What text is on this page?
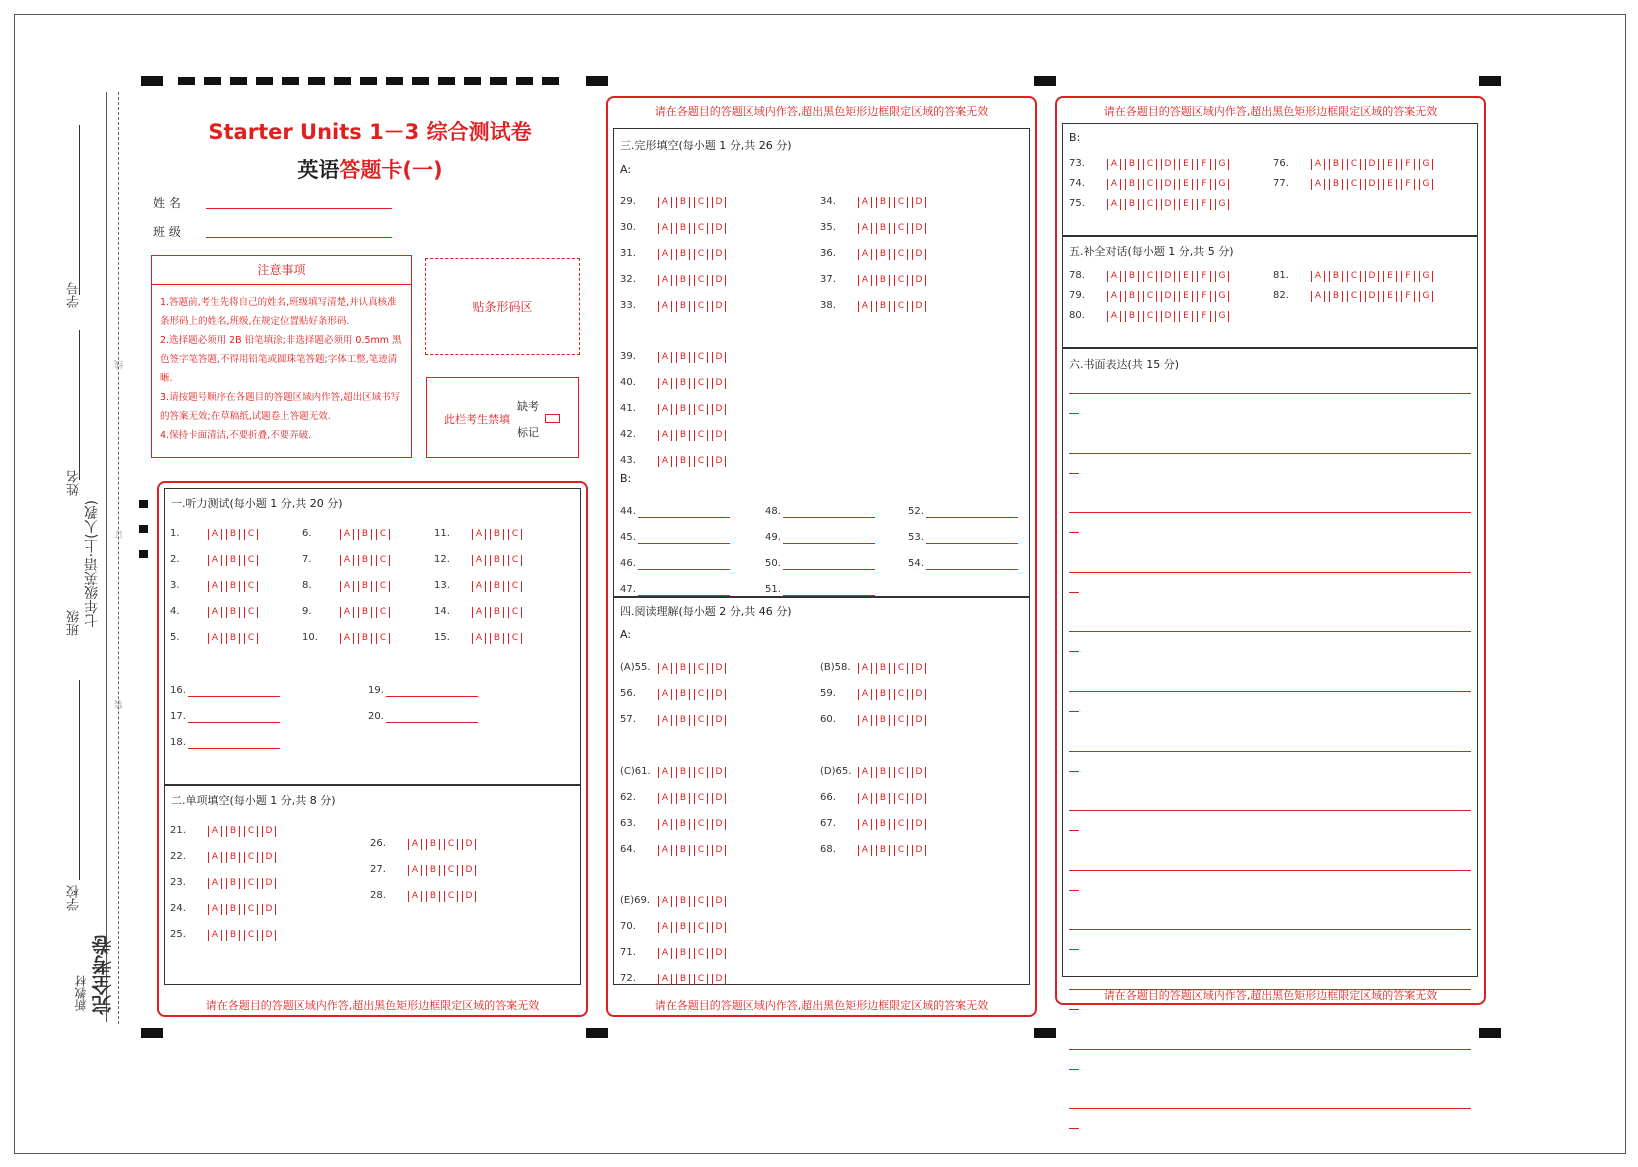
学号
姓名
班级 七年级英语·上(人教)
学校
线
订
装
新教材 完全考卷
Starter Units 1－3 综合测试卷
英语答题卡(一)
姓 名
班 级
注意事项
1.答题前,考生先将自己的姓名,班级填写清楚,并认真核准条形码上的姓名,班级,在规定位置贴好条形码.
2.选择题必须用 2B 铅笔填涂;非选择题必须用 0.5mm 黑色签字笔答题,不得用铅笔或圆珠笔答题;字体工整,笔迹清晰.
3.请按题号顺序在各题目的答题区域内作答,超出区域书写的答案无效;在草稿纸,试题卷上答题无效.
4.保持卡面清洁,不要折叠,不要弄破.
贴条形码区
此栏考生禁填
缺考
标记
请在各题目的答题区域内作答,超出黑色矩形边框限定区域的答案无效
一.听力测试(每小题 1 分,共 20 分)
1.	A B C	6.	A B C	11.	A B C
2.	A B C	7.	A B C	12.	A B C
3.	A B C	8.	A B C	13.	A B C
4.	A B C	9.	A B C	14.	A B C
5.	A B C	10.	A B C	15.	A B C
16.
17.
18.
19.
20.
二.单项填空(每小题 1 分,共 8 分)
21.	A B C D
22.	A B C D
23.	A B C D
24.	A B C D
25.	A B C D
26.	A B C D
27.	A B C D
28.	A B C D
请在各题目的答题区域内作答,超出黑色矩形边框限定区域的答案无效
请在各题目的答题区域内作答,超出黑色矩形边框限定区域的答案无效
三.完形填空(每小题 1 分,共 26 分)
A:
B:
四.阅读理解(每小题 2 分,共 46 分)
A:
29.	A B C D	34.	A B C D
39.	A B C D
30.	A B C D	35.	A B C D
40.	A B C D
31.	A B C D	36.	A B C D
41.	A B C D
32.	A B C D	37.	A B C D
42.	A B C D
33.	A B C D	38.	A B C D
43.	A B C D
44.	48.	52.
45.	49.	53.
46.	50.	54.
47.	51.
(A)55. A B C D
56.	A B C D
57.	A B C D
(B)58. A B C D
59.	A B C D
60.	A B C D
(C)61. A B C D
62.	A B C D
63.	A B C D
64.	A B C D
(D)65. A B C D
66.	A B C D
67.	A B C D
68.	A B C D
(E)69. A B C D
70.	A B C D
71.	A B C D
72.	A B C D
请在各题目的答题区域内作答,超出黑色矩形边框限定区域的答案无效
请在各题目的答题区域内作答,超出黑色矩形边框限定区域的答案无效
B:
五.补全对话(每小题 1 分,共 5 分)
六.书面表达(共 15 分)
73.	A B C D E F G
74.	A B C D E F G
75.	A B C D E F G
76.	A B C D E F G
77.	A B C D E F G
78.	A B C D E F G
79.	A B C D E F G
80.	A B C D E F G
81.	A B C D E F G
82.	A B C D E F G
